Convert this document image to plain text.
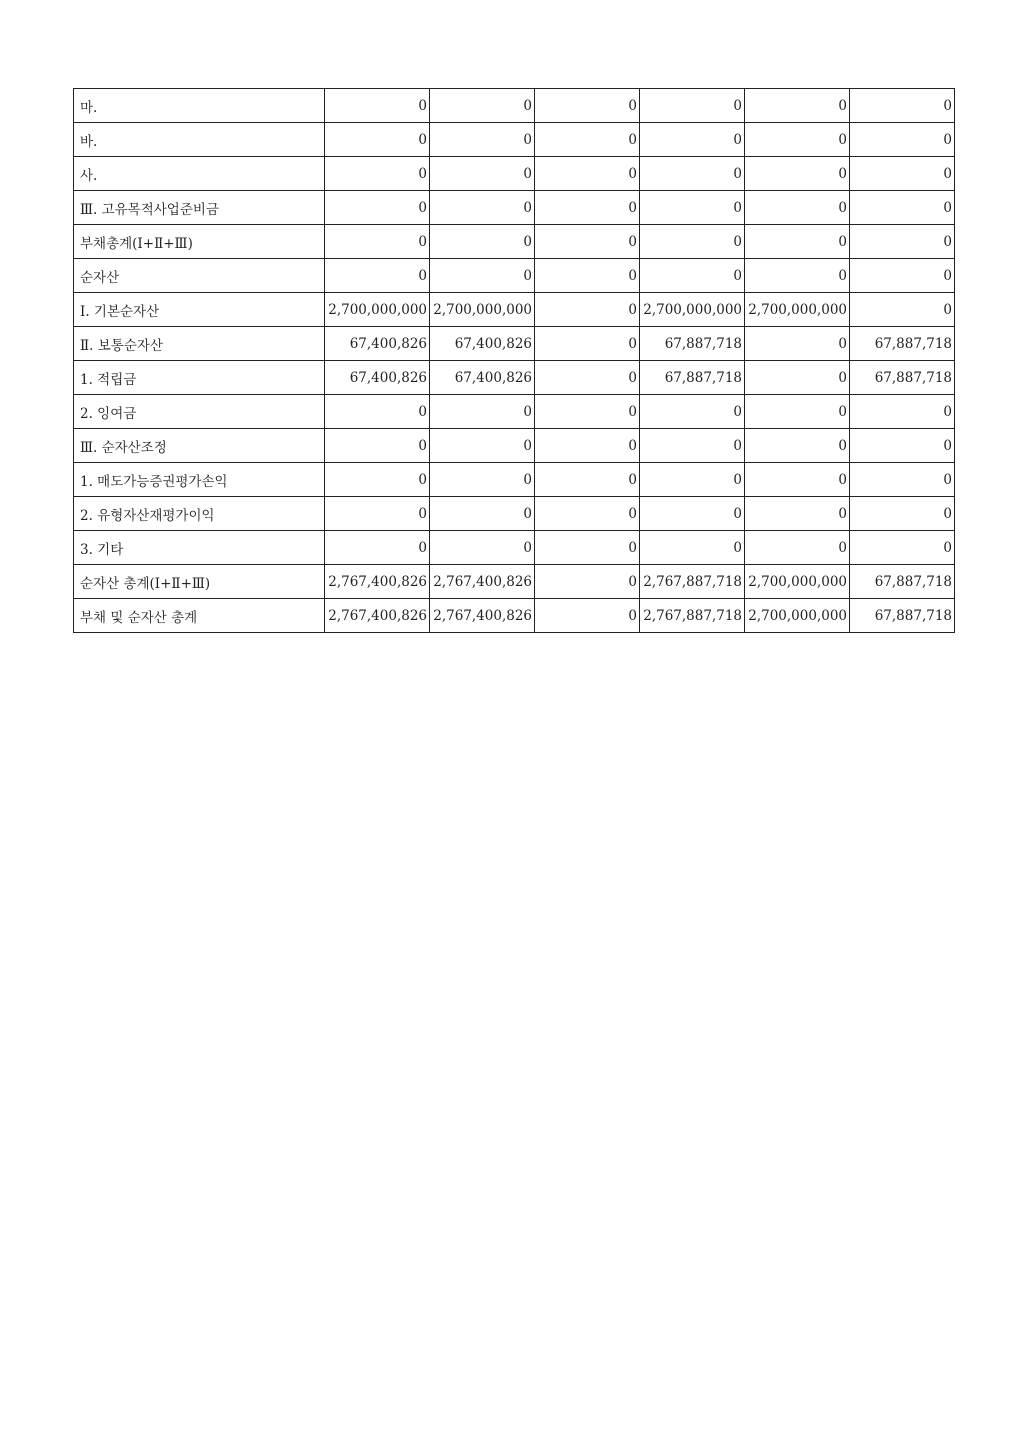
마.	0	0	0	0	0	0
바.	0	0	0	0	0	0
사.	0	0	0	0	0	0
Ⅲ. 고유목적사업준비금	0	0	0	0	0	0
부채총계(Ⅰ+Ⅱ+Ⅲ)	0	0	0	0	0	0
순자산	0	0	0	0	0	0
Ⅰ. 기본순자산	2,700,000,000	2,700,000,000	0	2,700,000,000	2,700,000,000	0
Ⅱ. 보통순자산	67,400,826	67,400,826	0	67,887,718	0	67,887,718
1. 적립금	67,400,826	67,400,826	0	67,887,718	0	67,887,718
2. 잉여금	0	0	0	0	0	0
Ⅲ. 순자산조정	0	0	0	0	0	0
1. 매도가능증권평가손익	0	0	0	0	0	0
2. 유형자산재평가이익	0	0	0	0	0	0
3. 기타	0	0	0	0	0	0
순자산 총계(Ⅰ+Ⅱ+Ⅲ)	2,767,400,826	2,767,400,826	0	2,767,887,718	2,700,000,000	67,887,718
부채 및 순자산 총계	2,767,400,826	2,767,400,826	0	2,767,887,718	2,700,000,000	67,887,718
